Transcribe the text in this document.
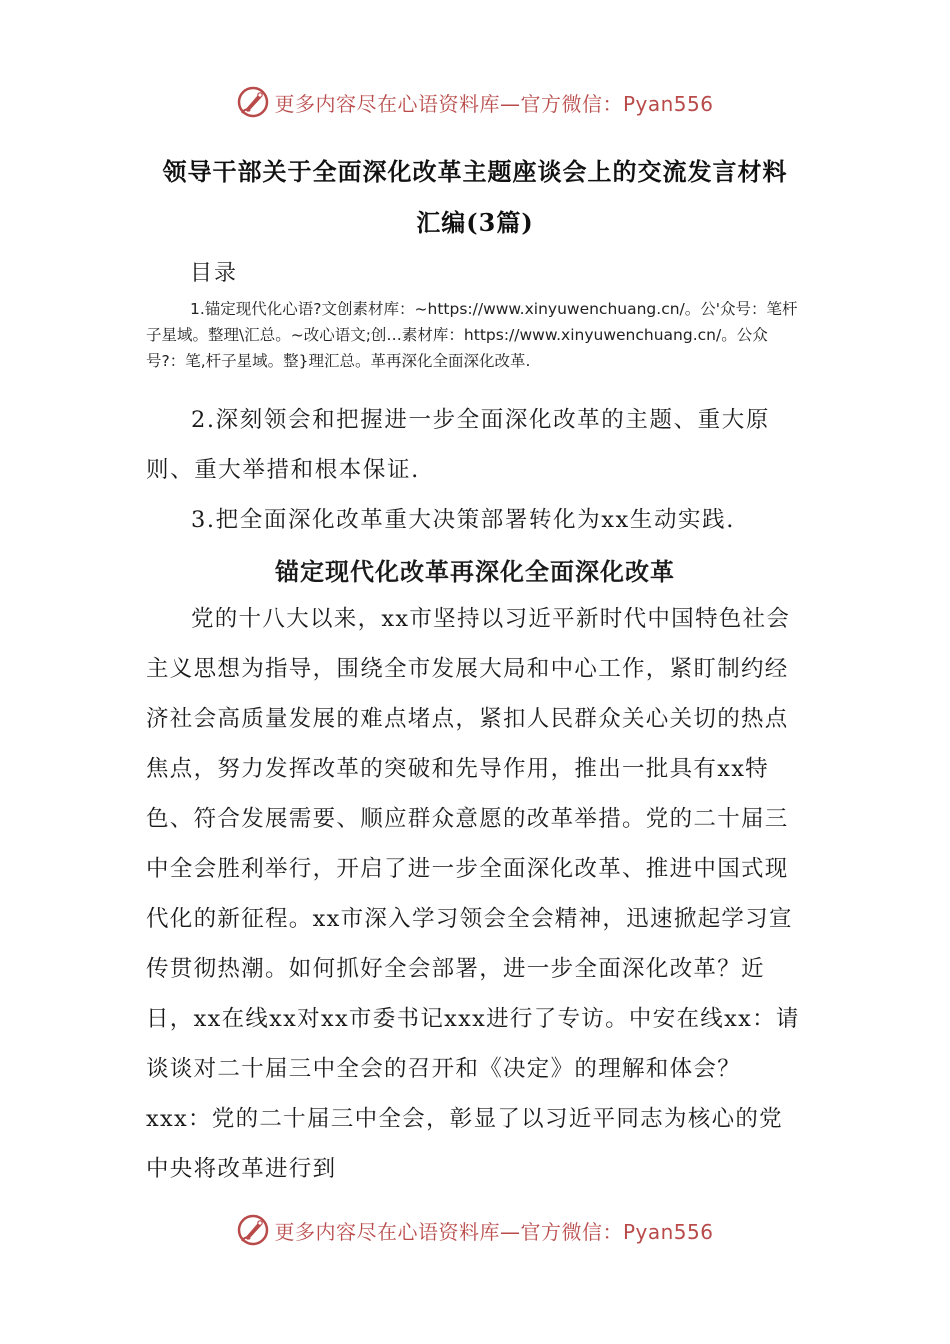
更多内容尽在心语资料库—官方微信：Pyan556
领导干部关于全面深化改革主题座谈会上的交流发言材料
汇编(3篇)
目录
1.锚定现代化心语?文创素材库：~https://www.xinyuwenchuang.cn/。公'众号：笔杆子星域。整理\汇总。~改心语文;创…素材库：https://www.xinyuwenchuang.cn/。公众号?：笔,杆子星域。整}理汇总。革再深化全面深化改革.
2.深刻领会和把握进一步全面深化改革的主题、重大原则、重大举措和根本保证.
3.把全面深化改革重大决策部署转化为xx生动实践.
锚定现代化改革再深化全面深化改革
党的十八大以来，xx市坚持以习近平新时代中国特色社会主义思想为指导，围绕全市发展大局和中心工作，紧盯制约经济社会高质量发展的难点堵点，紧扣人民群众关心关切的热点焦点，努力发挥改革的突破和先导作用，推出一批具有xx特色、符合发展需要、顺应群众意愿的改革举措。党的二十届三中全会胜利举行，开启了进一步全面深化改革、推进中国式现代化的新征程。xx市深入学习领会全会精神，迅速掀起学习宣传贯彻热潮。如何抓好全会部署，进一步全面深化改革？近日，xx在线xx对xx市委书记xxx进行了专访。中安在线xx：请谈谈对二十届三中全会的召开和《决定》的理解和体会？xxx：党的二十届三中全会，彰显了以习近平同志为核心的党中央将改革进行到
更多内容尽在心语资料库—官方微信：Pyan556
